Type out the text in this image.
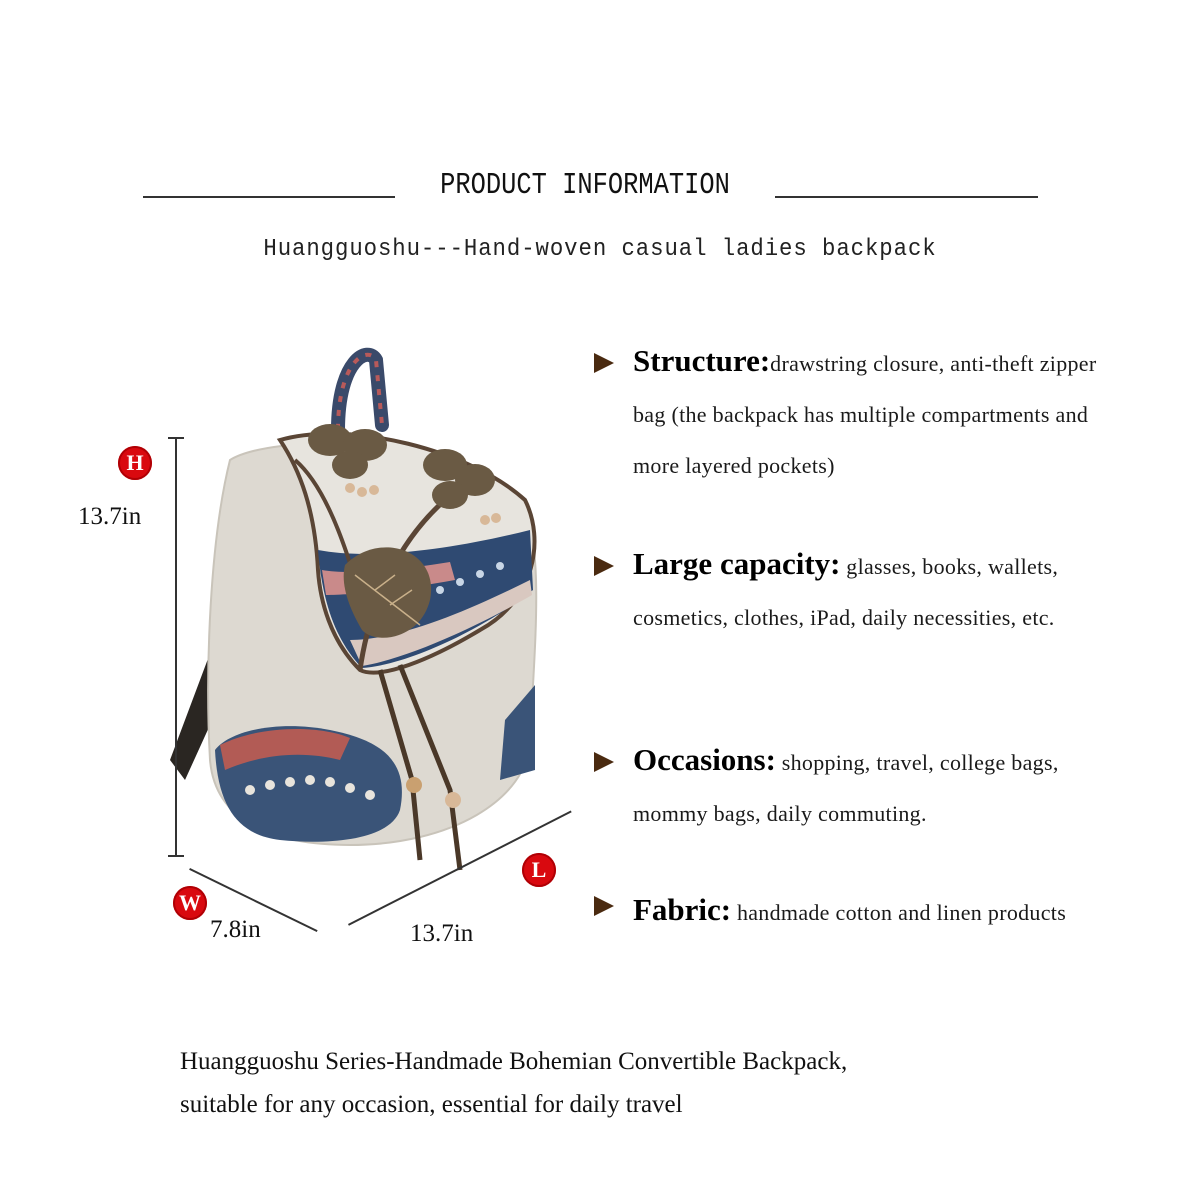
PRODUCT INFORMATION
Huangguoshu---Hand-woven casual ladies backpack
H
13.7in
W
7.8in
L
13.7in
Structure:drawstring closure, anti-theft zipper bag (the backpack has multiple compartments and more layered pockets)
Large capacity: glasses, books, wallets, cosmetics, clothes, iPad, daily necessities, etc.
Occasions: shopping, travel, college bags, mommy bags, daily commuting.
Fabric: handmade cotton and linen products
Huangguoshu Series-Handmade Bohemian Convertible Backpack,
suitable for any occasion, essential for daily travel
